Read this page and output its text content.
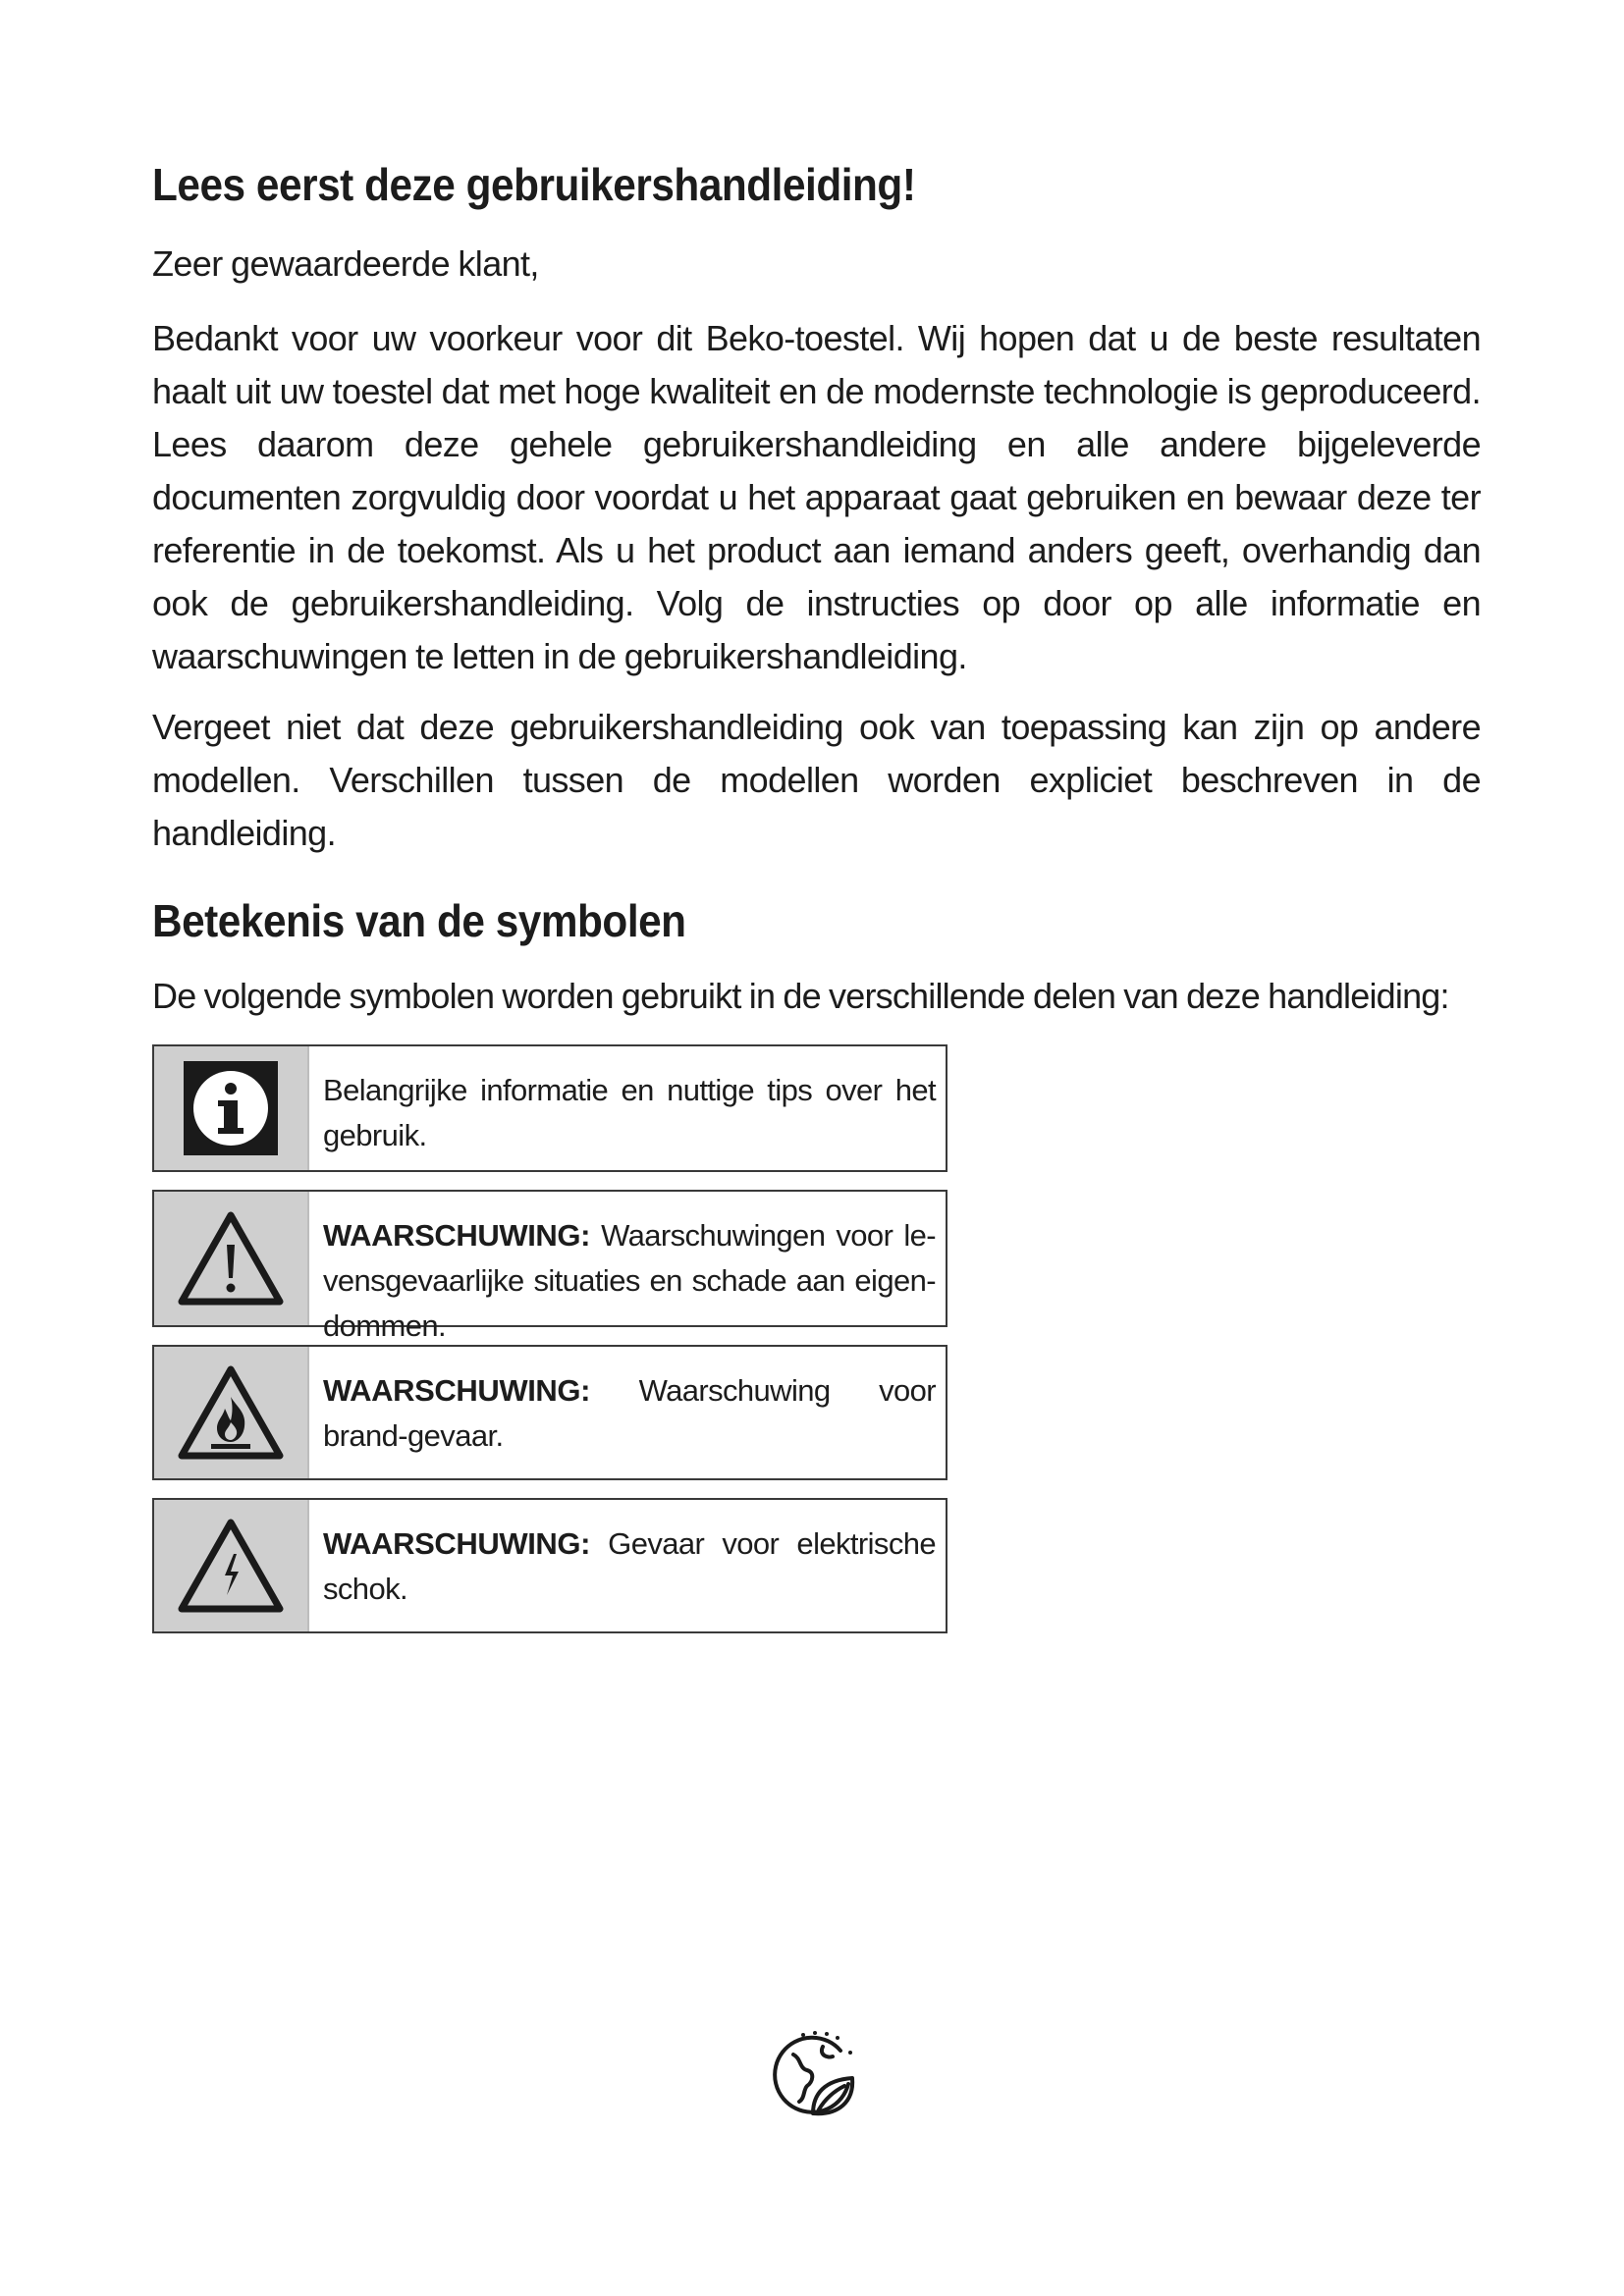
Lees eerst deze gebruikershandleiding!

Zeer gewaardeerde klant,

Bedankt voor uw voorkeur voor dit Beko-toestel. Wij hopen dat u de beste resultaten haalt uit uw toestel dat met hoge kwaliteit en de modernste technologie is geproduceerd. Lees daarom deze gehele gebruikershandleiding en alle andere bijgeleverde documenten zorgvuldig door voordat u het apparaat gaat gebruiken en bewaar deze ter referentie in de toekomst. Als u het product aan iemand anders geeft, overhandig dan ook de gebruikershandleiding. Volg de instructies op door op alle informatie en waarschuwingen te letten in de gebruikershandleiding.

Vergeet niet dat deze gebruikershandleiding ook van toepassing kan zijn op andere modellen. Verschillen tussen de modellen worden expliciet beschreven in de handleiding.

Betekenis van de symbolen

De volgende symbolen worden gebruikt in de verschillende delen van deze handleiding:

Belangrijke informatie en nuttige tips over het gebruik.
WAARSCHUWING: Waarschuwingen voor le-vensgevaarlijke situaties en schade aan eigen-dommen.
WAARSCHUWING: Waarschuwing voor brand-gevaar.
WAARSCHUWING: Gevaar voor elektrische schok.
